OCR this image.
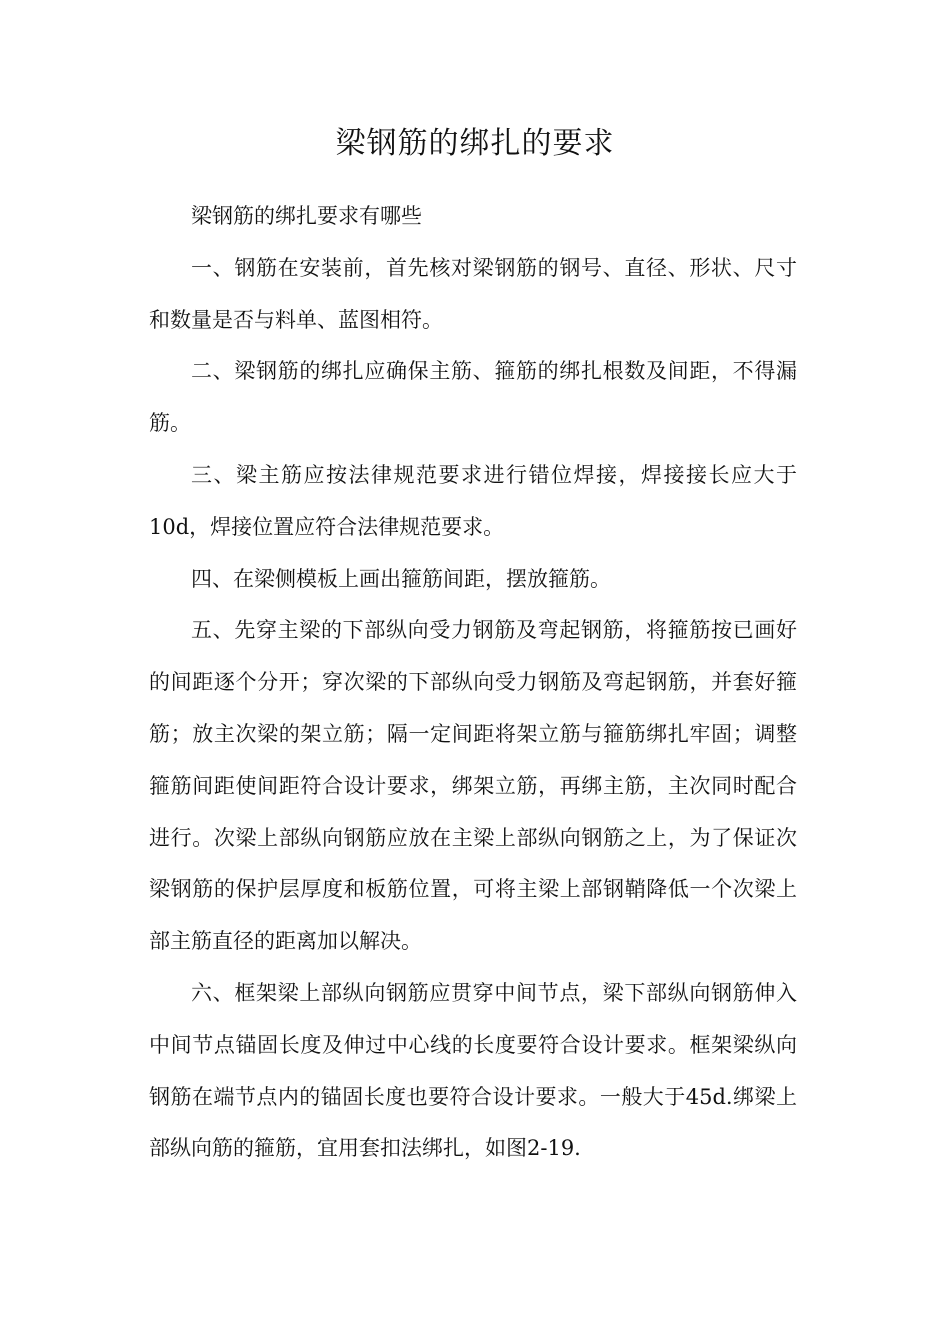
梁钢筋的绑扎的要求

梁钢筋的绑扎要求有哪些

一、钢筋在安装前，首先核对梁钢筋的钢号、直径、形状、尺寸和数量是否与料单、蓝图相符。

二、梁钢筋的绑扎应确保主筋、箍筋的绑扎根数及间距，不得漏筋。

三、梁主筋应按法律规范要求进行错位焊接，焊接接长应大于10d，焊接位置应符合法律规范要求。

四、在梁侧模板上画出箍筋间距，摆放箍筋。

五、先穿主梁的下部纵向受力钢筋及弯起钢筋，将箍筋按已画好的间距逐个分开；穿次梁的下部纵向受力钢筋及弯起钢筋，并套好箍筋；放主次梁的架立筋；隔一定间距将架立筋与箍筋绑扎牢固；调整箍筋间距使间距符合设计要求，绑架立筋，再绑主筋，主次同时配合进行。次梁上部纵向钢筋应放在主梁上部纵向钢筋之上，为了保证次梁钢筋的保护层厚度和板筋位置，可将主梁上部钢鞘降低一个次梁上部主筋直径的距离加以解决。

六、框架梁上部纵向钢筋应贯穿中间节点，梁下部纵向钢筋伸入中间节点锚固长度及伸过中心线的长度要符合设计要求。框架梁纵向钢筋在端节点内的锚固长度也要符合设计要求。一般大于45d.绑梁上部纵向筋的箍筋，宜用套扣法绑扎，如图2-19.
